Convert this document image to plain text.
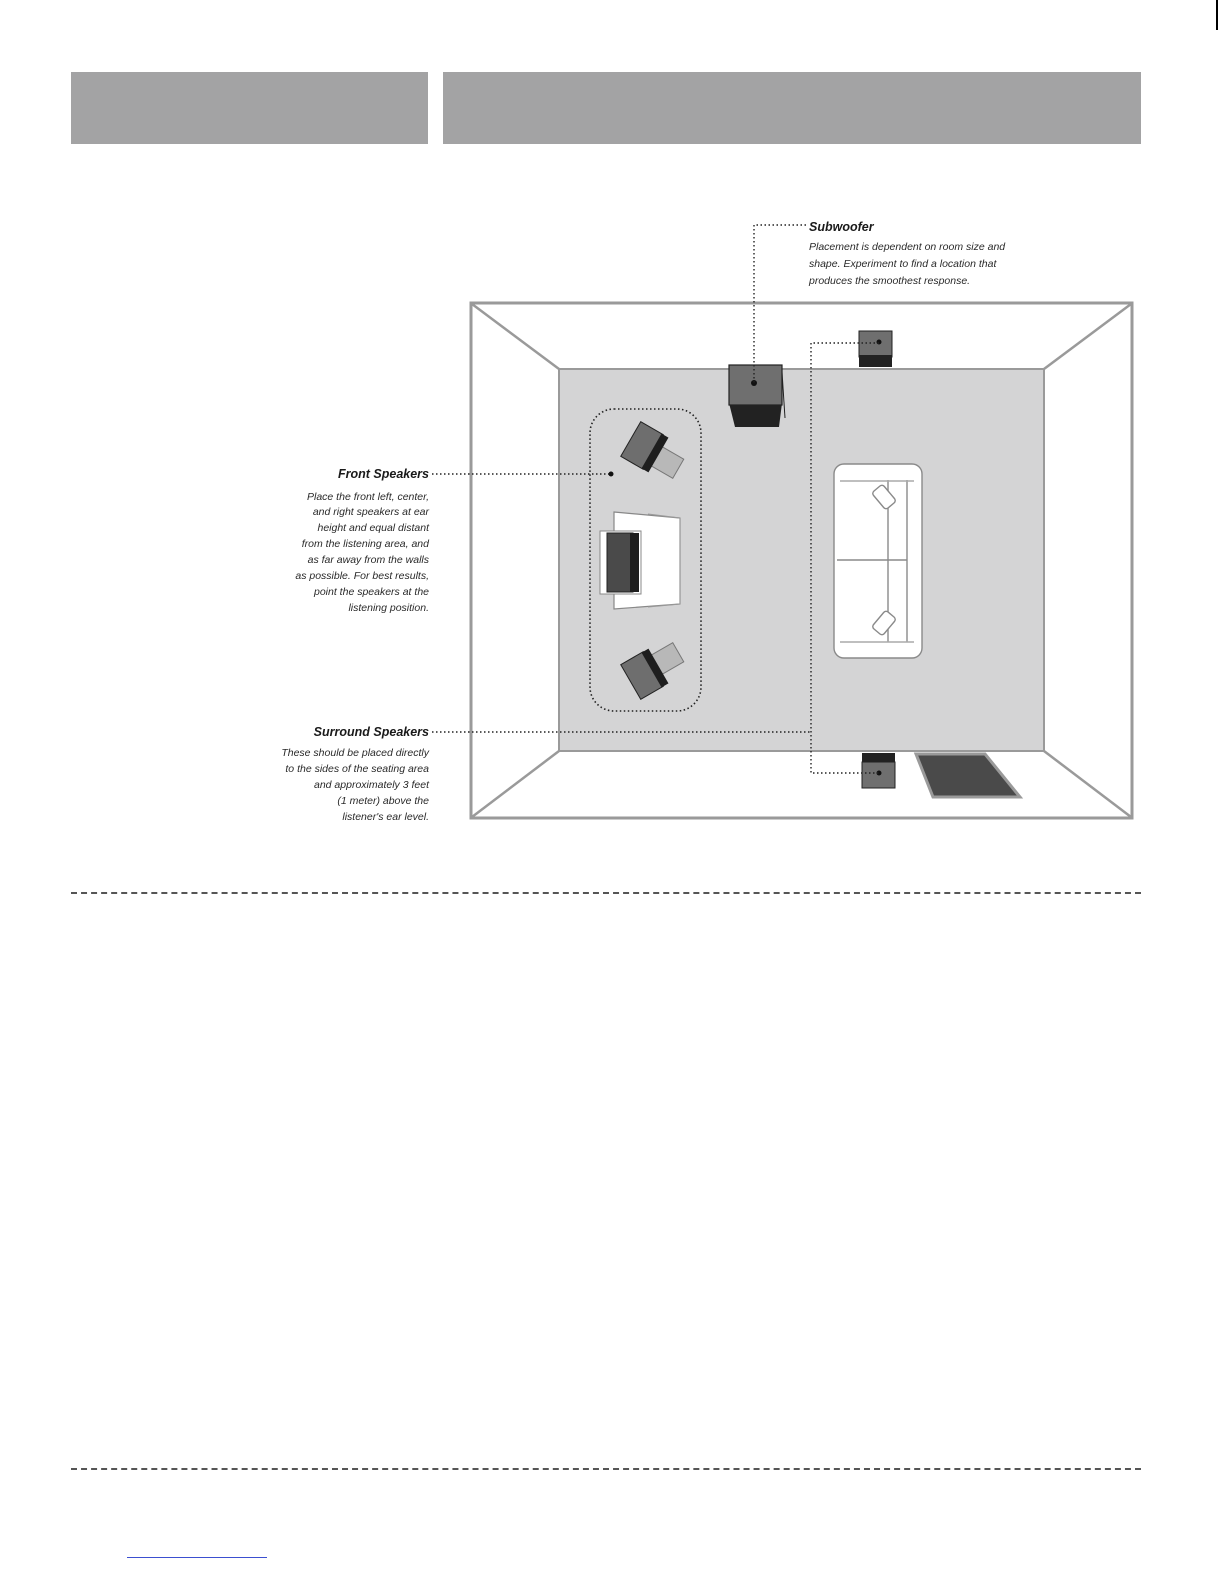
Subwoofer
Placement is dependent on room size and
shape. Experiment to find a location that
produces the smoothest response.
Front Speakers
Place the front left, center,
and right speakers at ear
height and equal distant
from the listening area, and
as far away from the walls
as possible. For best results,
point the speakers at the
listening position.
Surround Speakers
These should be placed directly
to the sides of the seating area
and approximately 3 feet
(1 meter) above the
listener's ear level.
